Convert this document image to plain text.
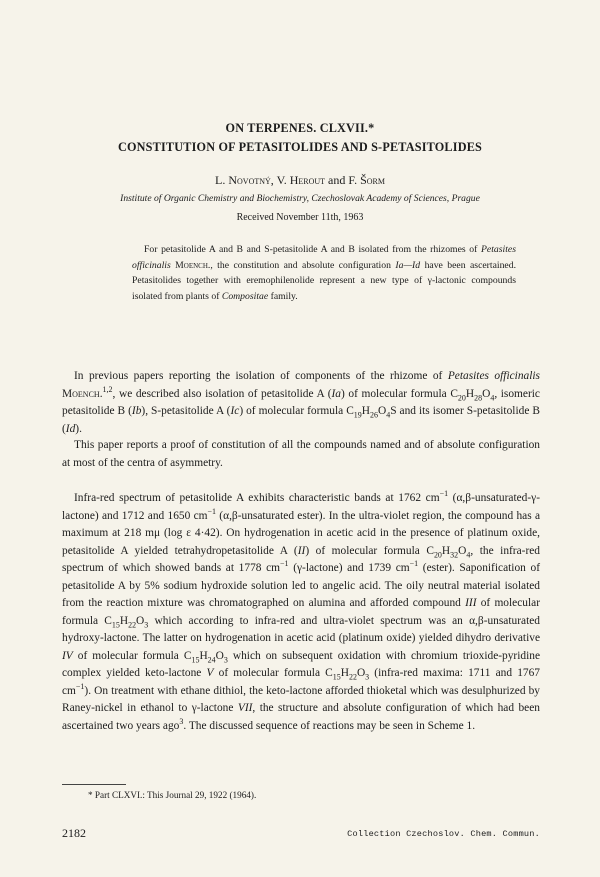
ON TERPENES. CLXVII.*
CONSTITUTION OF PETASITOLIDES AND S-PETASITOLIDES
L. Novotný, V. Herout and F. Šorm
Institute of Organic Chemistry and Biochemistry, Czechoslovak Academy of Sciences, Prague
Received November 11th, 1963
For petasitolide A and B and S-petasitolide A and B isolated from the rhizomes of Petasites officinalis Moench., the constitution and absolute configuration Ia—Id have been ascertained. Petasitolides together with eremophilenolide represent a new type of γ-lactonic compounds isolated from plants of Compositae family.

In previous papers reporting the isolation of components of the rhizome of Petasites officinalis Moench.$^{1,2}$, we described also isolation of petasitolide A (Ia) of molecular formula $C_{20}H_{28}O_4$, isomeric petasitolide B (Ib), S-petasitolide A (Ic) of molecular formula $C_{19}H_{26}O_4S$ and its isomer S-petasitolide B (Id).

This paper reports a proof of constitution of all the compounds named and of absolute configuration at most of the centra of asymmetry.

Infra-red spectrum of petasitolide A exhibits characteristic bands at 1762 $cm^{-1}$ (α,β-unsaturated-γ-lactone) and 1712 and 1650 $cm^{-1}$ (α,β-unsaturated ester). In the ultra-violet region, the compound has a maximum at 218 mμ (log ε 4·42). On hydrogenation in acetic acid in the presence of platinum oxide, petasitolide A yielded tetrahydropetasitolide A (II) of molecular formula $C_{20}H_{32}O_4$, the infra-red spectrum of which showed bands at 1778 $cm^{-1}$ (γ-lactone) and 1739 $cm^{-1}$ (ester). Saponification of petasitolide A by 5% sodium hydroxide solution led to angelic acid. The oily neutral material isolated from the reaction mixture was chromatographed on alumina and afforded compound III of molecular formula $C_{15}H_{22}O_3$ which according to infra-red and ultra-violet spectrum was an α,β-unsaturated hydroxy-lactone. The latter on hydrogenation in acetic acid (platinum oxide) yielded dihydro derivative IV of molecular formula $C_{15}H_{24}O_3$ which on subsequent oxidation with chromium trioxide-pyridine complex yielded keto-lactone V of molecular formula $C_{15}H_{22}O_3$ (infra-red maxima: 1711 and 1767 $cm^{-1}$). On treatment with ethane dithiol, the keto-lactone afforded thioketal which was desulphurized by Raney-nickel in ethanol to γ-lactone VII, the structure and absolute configuration of which had been ascertained two years ago$^3$. The discussed sequence of reactions may be seen in Scheme 1.

* Part CLXVI.: This Journal 29, 1922 (1964).
2182	Collection Czechoslov. Chem. Commun.
